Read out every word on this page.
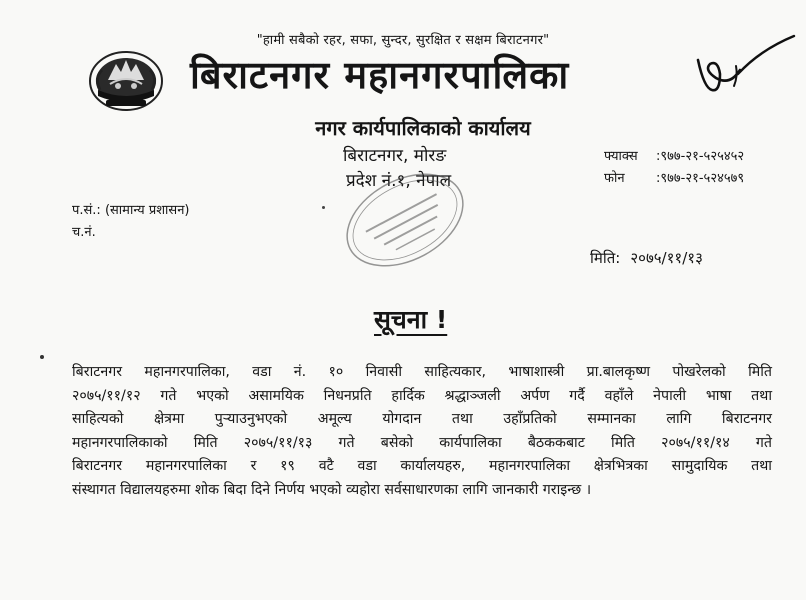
"हामी सबैको रहर, सफा, सुन्दर, सुरक्षित र सक्षम बिराटनगर"
बिराटनगर महानगरपालिका
नगर कार्यपालिकाको कार्यालय
बिराटनगर, मोरङ
प्रदेश नं.१, नेपाल
फ्याक्स :९७७-२१-५२५४५२
फोन :९७७-२१-५२४५७९
प.सं.: (सामान्य प्रशासन)
च.नं.
मिति: २०७५/११/१३
सूचना !
बिराटनगर महानगरपालिका, वडा नं. १० निवासी साहित्यकार, भाषाशास्त्री प्रा.बालकृष्ण पोखरेलको मिति
२०७५/११/१२ गते भएको असामयिक निधनप्रति हार्दिक श्रद्धाञ्जली अर्पण गर्दै वहाँले नेपाली भाषा तथा
साहित्यको क्षेत्रमा पुऱ्याउनुभएको अमूल्य योगदान तथा उहाँप्रतिको सम्मानका लागि बिराटनगर
महानगरपालिकाको मिति २०७५/११/१३ गते बसेको कार्यपालिका बैठककबाट मिति २०७५/११/१४ गते
बिराटनगर महानगरपालिका र १९ वटै वडा कार्यालयहरु, महानगरपालिका क्षेत्रभित्रका सामुदायिक तथा
संस्थागत विद्यालयहरुमा शोक बिदा दिने निर्णय भएको व्यहोरा सर्वसाधारणका लागि जानकारी गराइन्छ ।
